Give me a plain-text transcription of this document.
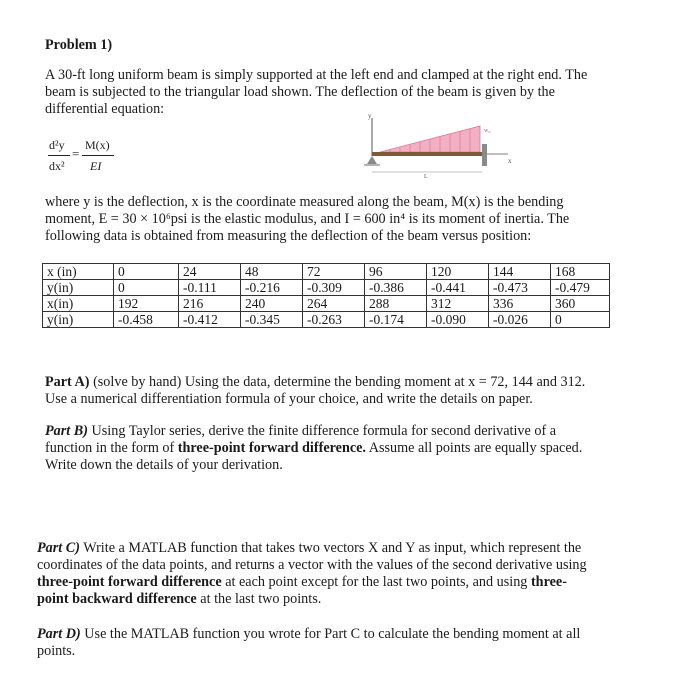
Problem 1)
A 30-ft long uniform beam is simply supported at the left end and clamped at the right end. The
beam is subjected to the triangular load shown. The deflection of the beam is given by the
differential equation:
d²y
dx²
=
M(x)
EI
y
w₀
x
L
where y is the deflection, x is the coordinate measured along the beam, M(x) is the bending
moment, E = 30 × 10⁶psi is the elastic modulus, and I = 600 in⁴ is its moment of inertia. The
following data is obtained from measuring the deflection of the beam versus position:
x (in)	0	24	48	72	96	120	144	168
y(in)	0	-0.111	-0.216	-0.309	-0.386	-0.441	-0.473	-0.479
x(in)	192	216	240	264	288	312	336	360
y(in)	-0.458	-0.412	-0.345	-0.263	-0.174	-0.090	-0.026	0
Part A) (solve by hand) Using the data, determine the bending moment at x = 72, 144 and 312.
Use a numerical differentiation formula of your choice, and write the details on paper.
Part B) Using Taylor series, derive the finite difference formula for second derivative of a
function in the form of three-point forward difference. Assume all points are equally spaced.
Write down the details of your derivation.
Part C) Write a MATLAB function that takes two vectors X and Y as input, which represent the
coordinates of the data points, and returns a vector with the values of the second derivative using
three-point forward difference at each point except for the last two points, and using three-
point backward difference at the last two points.
Part D) Use the MATLAB function you wrote for Part C to calculate the bending moment at all
points.
